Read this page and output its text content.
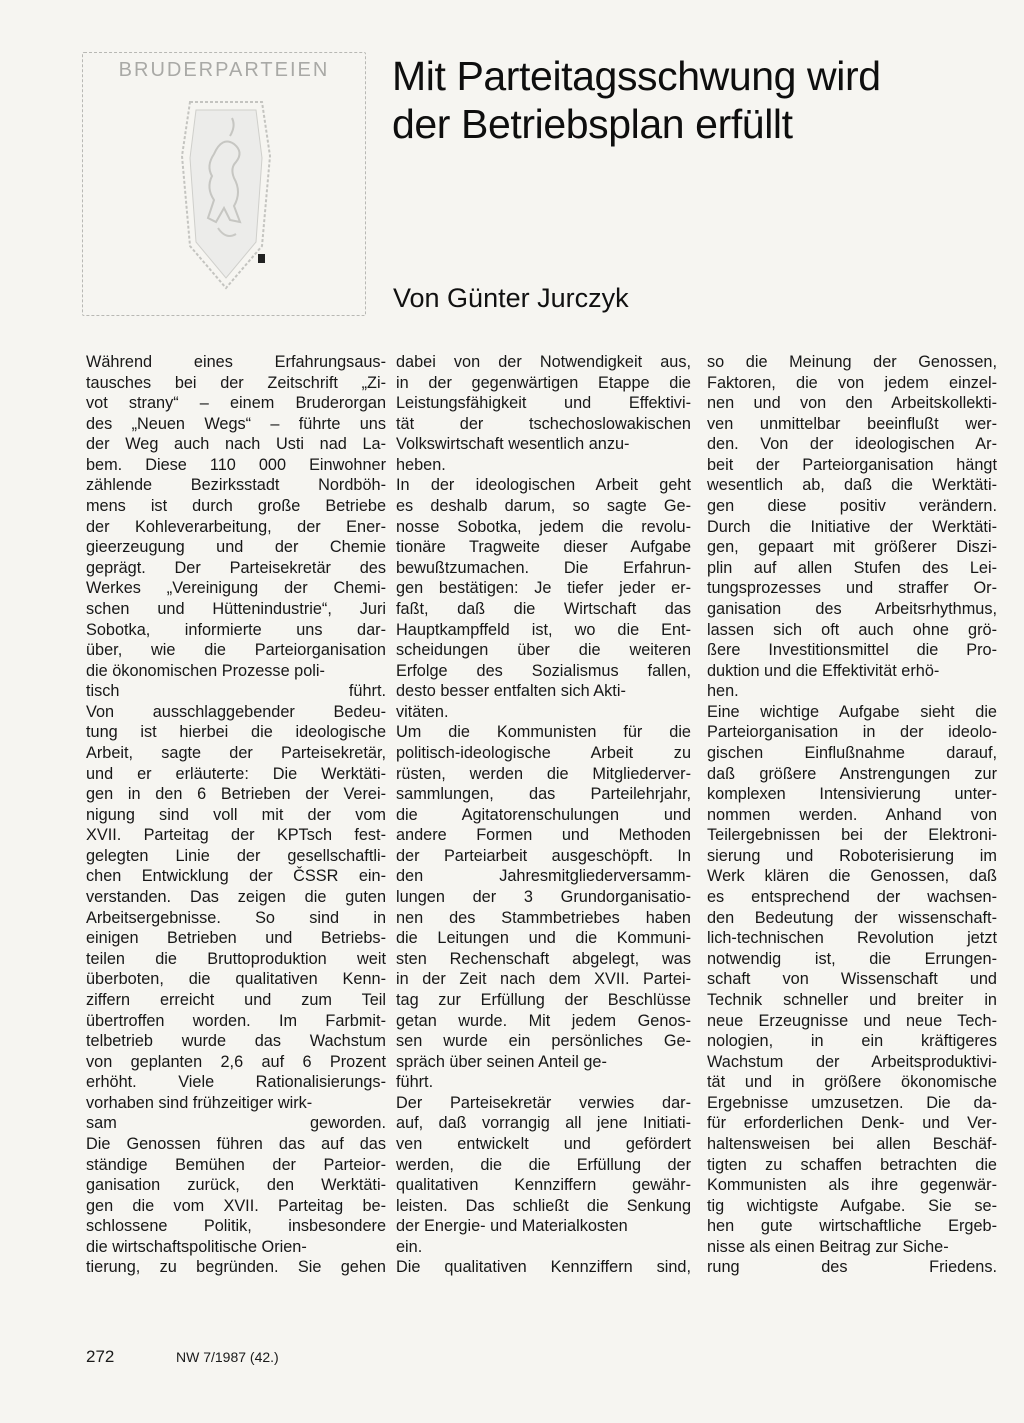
BRUDERPARTEIEN	Mit Parteitagsschwung wird
der Betriebsplan erfüllt
Von Günter Jurczyk
Während eines Erfahrungsaus-
tausches bei der Zeitschrift „Zi-
vot strany“ – einem Bruderorgan
des „Neuen Wegs“ – führte uns
der Weg auch nach Usti nad La-
bem. Diese 110 000 Einwohner
zählende Bezirksstadt Nordböh-
mens ist durch große Betriebe
der Kohleverarbeitung, der Ener-
gieerzeugung und der Chemie
geprägt. Der Parteisekretär des
Werkes „Vereinigung der Chemi-
schen und Hüttenindustrie“, Juri
Sobotka, informierte uns dar-
über, wie die Parteiorganisation
die ökonomischen Prozesse poli-
tisch führt.
Von ausschlaggebender Bedeu-
tung ist hierbei die ideologische
Arbeit, sagte der Parteisekretär,
und er erläuterte: Die Werktäti-
gen in den 6 Betrieben der Verei-
nigung sind voll mit der vom
XVII. Parteitag der KPTsch fest-
gelegten Linie der gesellschaftli-
chen Entwicklung der ČSSR ein-
verstanden. Das zeigen die guten
Arbeitsergebnisse. So sind in
einigen Betrieben und Betriebs-
teilen die Bruttoproduktion weit
überboten, die qualitativen Kenn-
ziffern erreicht und zum Teil
übertroffen worden. Im Farbmit-
telbetrieb wurde das Wachstum
von geplanten 2,6 auf 6 Prozent
erhöht. Viele Rationalisierungs-
vorhaben sind frühzeitiger wirk-
sam geworden.
Die Genossen führen das auf das
ständige Bemühen der Parteior-
ganisation zurück, den Werktäti-
gen die vom XVII. Parteitag be-
schlossene Politik, insbesondere
die wirtschaftspolitische Orien-
tierung, zu begründen. Sie gehen
dabei von der Notwendigkeit aus,
in der gegenwärtigen Etappe die
Leistungsfähigkeit und Effektivi-
tät der tschechoslowakischen
Volkswirtschaft wesentlich anzu-
heben.
In der ideologischen Arbeit geht
es deshalb darum, so sagte Ge-
nosse Sobotka, jedem die revolu-
tionäre Tragweite dieser Aufgabe
bewußtzumachen. Die Erfahrun-
gen bestätigen: Je tiefer jeder er-
faßt, daß die Wirtschaft das
Hauptkampffeld ist, wo die Ent-
scheidungen über die weiteren
Erfolge des Sozialismus fallen,
desto besser entfalten sich Akti-
vitäten.
Um die Kommunisten für die
politisch-ideologische Arbeit zu
rüsten, werden die Mitgliederver-
sammlungen, das Parteilehrjahr,
die Agitatorenschulungen und
andere Formen und Methoden
der Parteiarbeit ausgeschöpft. In
den Jahresmitgliederversamm-
lungen der 3 Grundorganisatio-
nen des Stammbetriebes haben
die Leitungen und die Kommuni-
sten Rechenschaft abgelegt, was
in der Zeit nach dem XVII. Partei-
tag zur Erfüllung der Beschlüsse
getan wurde. Mit jedem Genos-
sen wurde ein persönliches Ge-
spräch über seinen Anteil ge-
führt.
Der Parteisekretär verwies dar-
auf, daß vorrangig all jene Initiati-
ven entwickelt und gefördert
werden, die die Erfüllung der
qualitativen Kennziffern gewähr-
leisten. Das schließt die Senkung
der Energie- und Materialkosten
ein.
Die qualitativen Kennziffern sind,
so die Meinung der Genossen,
Faktoren, die von jedem einzel-
nen und von den Arbeitskollekti-
ven unmittelbar beeinflußt wer-
den. Von der ideologischen Ar-
beit der Parteiorganisation hängt
wesentlich ab, daß die Werktäti-
gen diese positiv verändern.
Durch die Initiative der Werktäti-
gen, gepaart mit größerer Diszi-
plin auf allen Stufen des Lei-
tungsprozesses und straffer Or-
ganisation des Arbeitsrhythmus,
lassen sich oft auch ohne grö-
ßere Investitionsmittel die Pro-
duktion und die Effektivität erhö-
hen.
Eine wichtige Aufgabe sieht die
Parteiorganisation in der ideolo-
gischen Einflußnahme darauf,
daß größere Anstrengungen zur
komplexen Intensivierung unter-
nommen werden. Anhand von
Teilergebnissen bei der Elektroni-
sierung und Roboterisierung im
Werk klären die Genossen, daß
es entsprechend der wachsen-
den Bedeutung der wissenschaft-
lich-technischen Revolution jetzt
notwendig ist, die Errungen-
schaft von Wissenschaft und
Technik schneller und breiter in
neue Erzeugnisse und neue Tech-
nologien, in ein kräftigeres
Wachstum der Arbeitsproduktivi-
tät und in größere ökonomische
Ergebnisse umzusetzen. Die da-
für erforderlichen Denk- und Ver-
haltensweisen bei allen Beschäf-
tigten zu schaffen betrachten die
Kommunisten als ihre gegenwär-
tig wichtigste Aufgabe. Sie se-
hen gute wirtschaftliche Ergeb-
nisse als einen Beitrag zur Siche-
rung des Friedens.
272	NW 7/1987 (42.)
